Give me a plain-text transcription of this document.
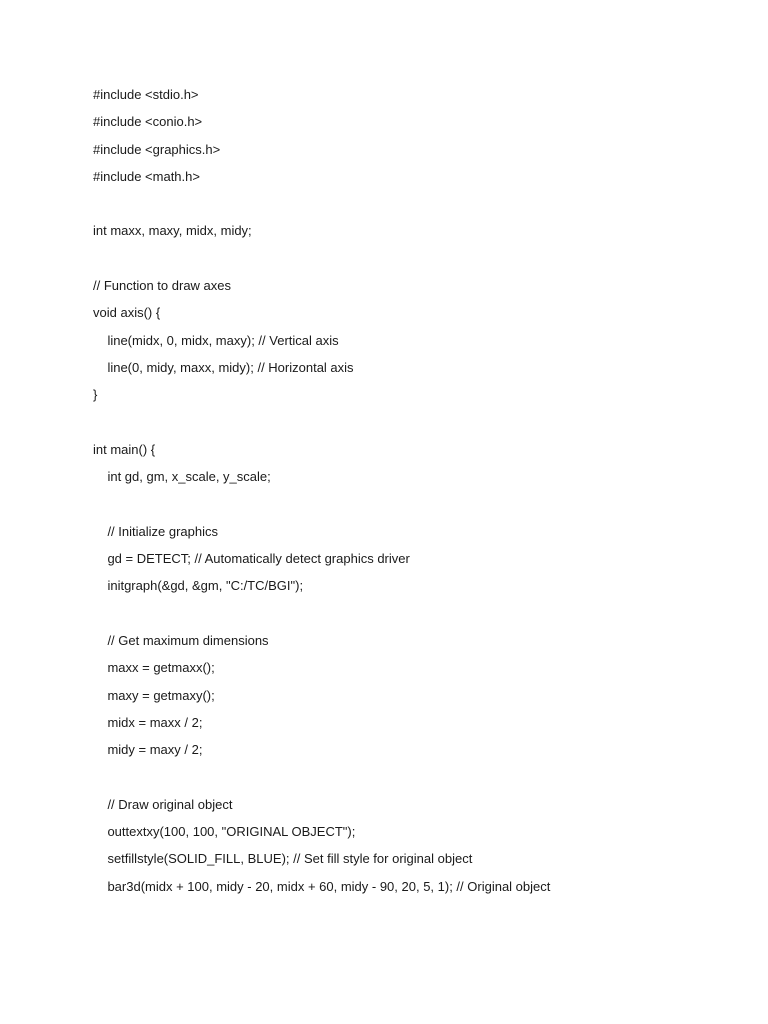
#include <stdio.h>
#include <conio.h>
#include <graphics.h>
#include <math.h>
int maxx, maxy, midx, midy;
// Function to draw axes
void axis() {
line(midx, 0, midx, maxy); // Vertical axis
line(0, midy, maxx, midy); // Horizontal axis
}
int main() {
int gd, gm, x_scale, y_scale;
// Initialize graphics
gd = DETECT; // Automatically detect graphics driver
initgraph(&gd, &gm, "C:/TC/BGI");
// Get maximum dimensions
maxx = getmaxx();
maxy = getmaxy();
midx = maxx / 2;
midy = maxy / 2;
// Draw original object
outtextxy(100, 100, "ORIGINAL OBJECT");
setfillstyle(SOLID_FILL, BLUE); // Set fill style for original object
bar3d(midx + 100, midy - 20, midx + 60, midy - 90, 20, 5, 1); // Original object
